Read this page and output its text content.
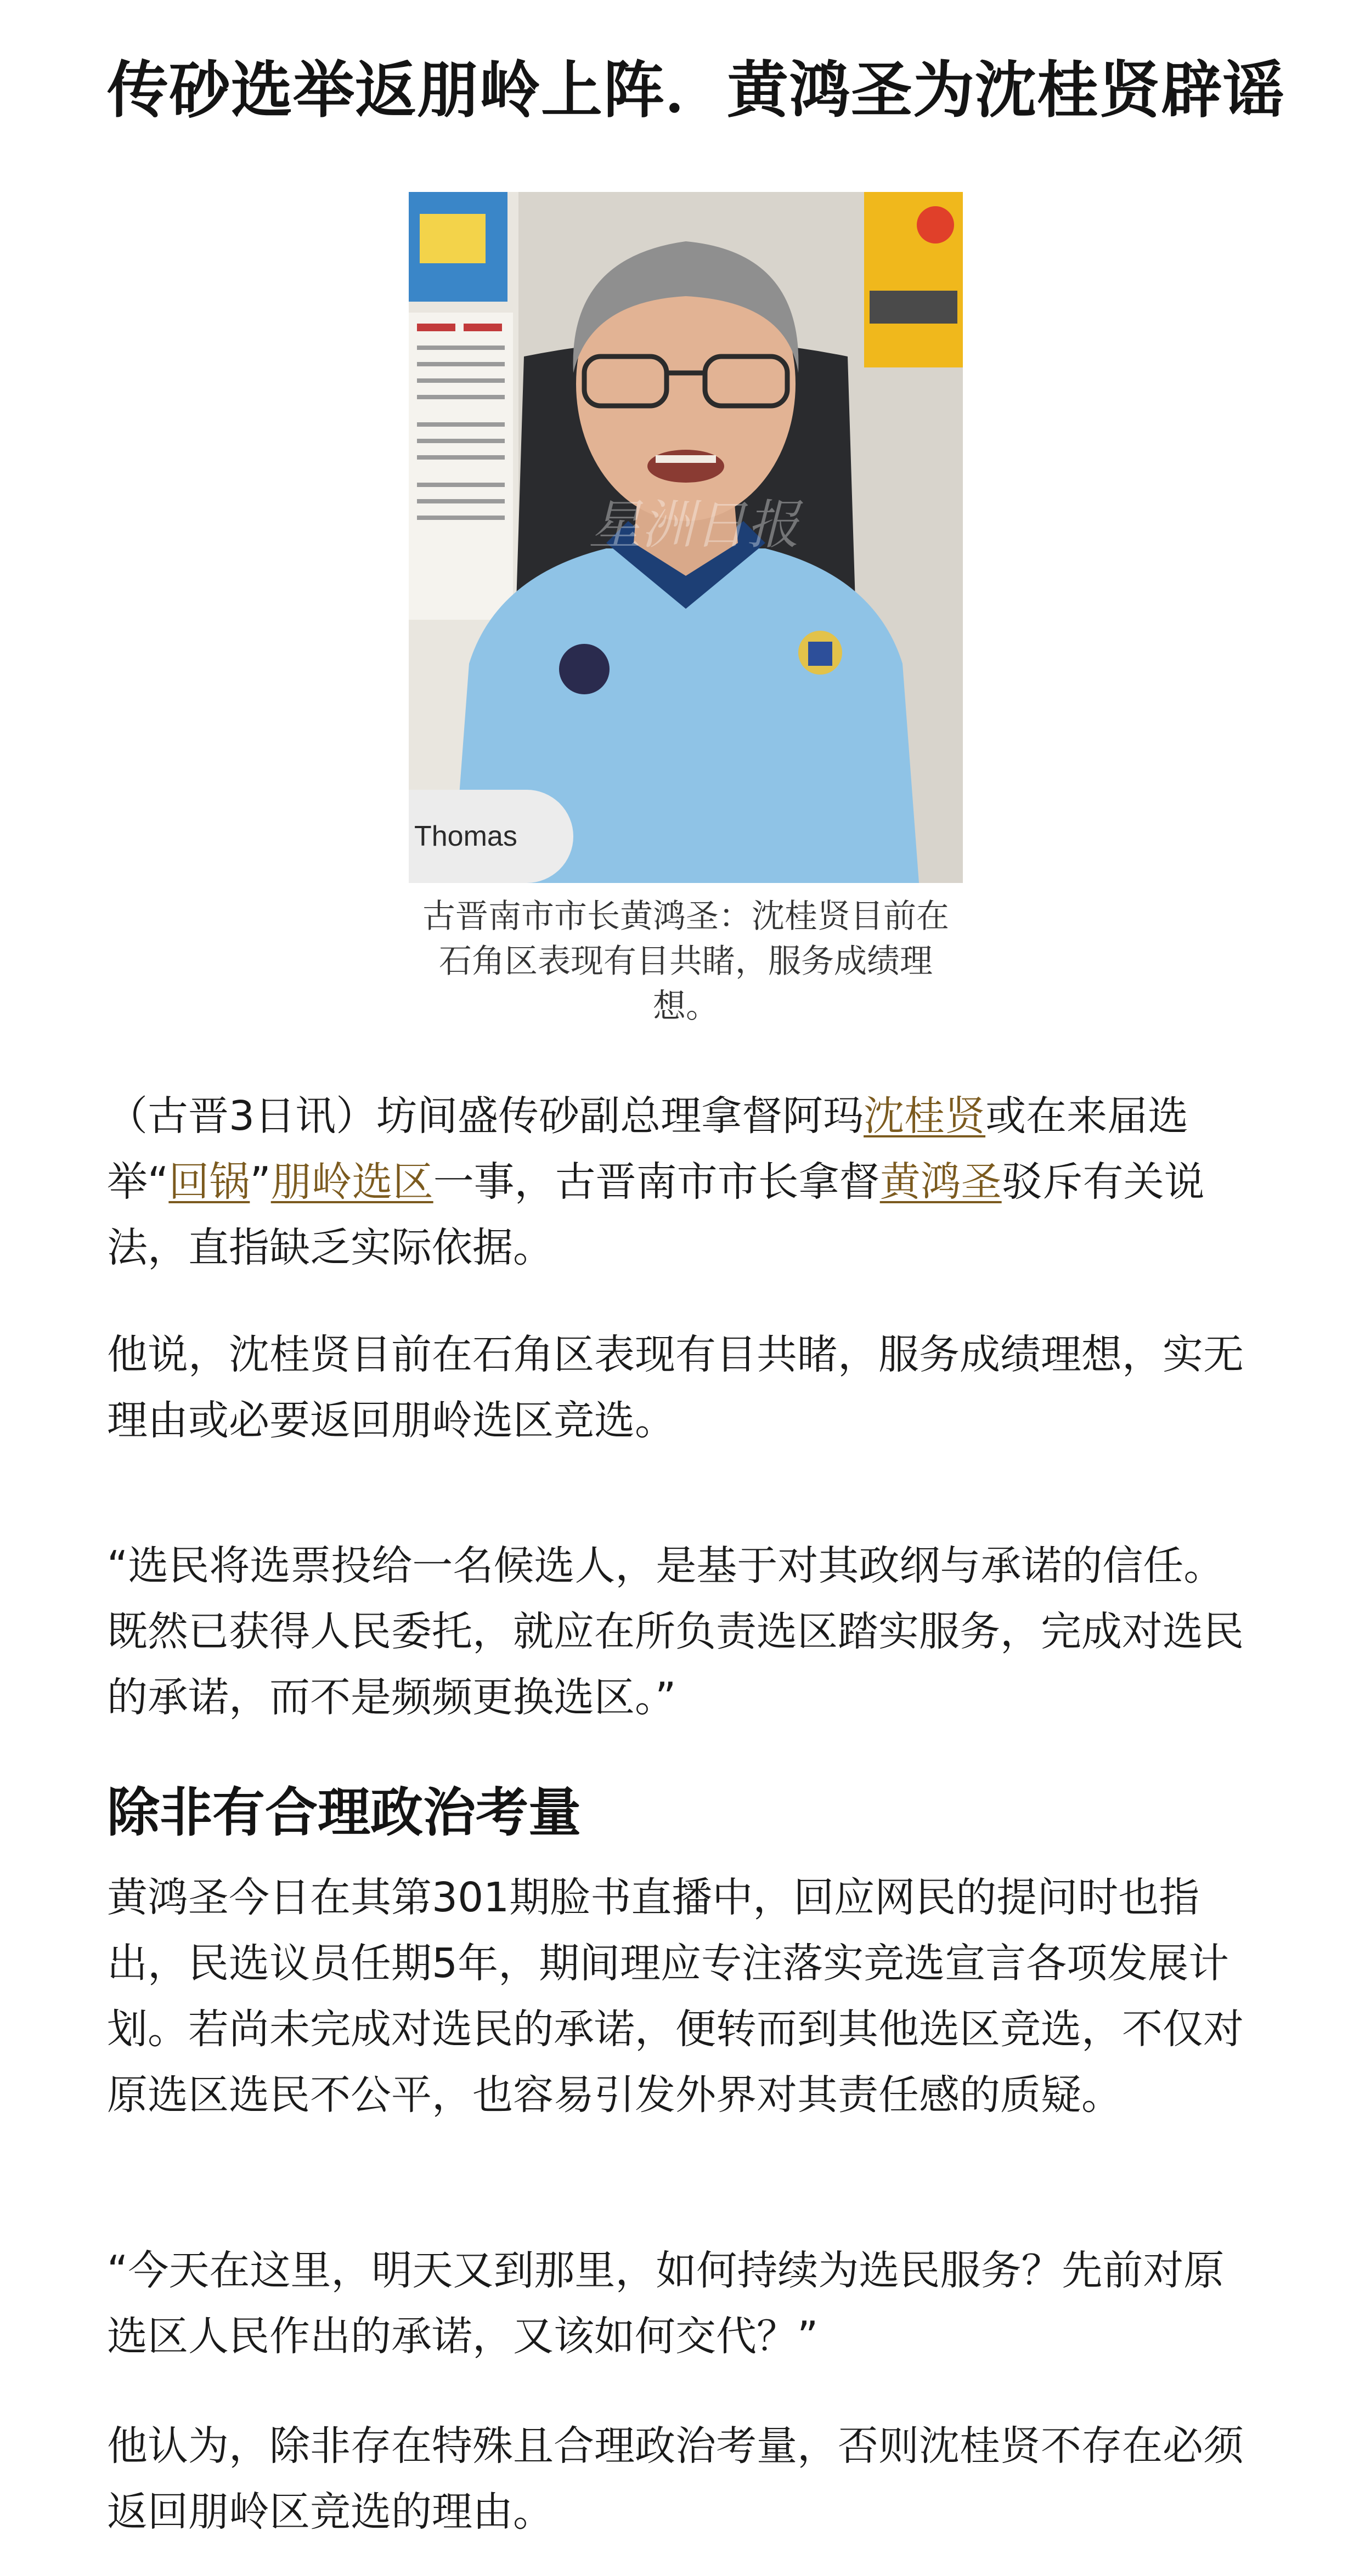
传砂选举返朋岭上阵．黄鸿圣为沈桂贤辟谣
星洲日报
Thomas
古晋南市市长黄鸿圣：沈桂贤目前在石角区表现有目共睹，服务成绩理想。

（古晋3日讯）坊间盛传砂副总理拿督阿玛沈桂贤或在来届选举“回锅”朋岭选区一事，古晋南市市长拿督黄鸿圣驳斥有关说法，直指缺乏实际依据。

他说，沈桂贤目前在石角区表现有目共睹，服务成绩理想，实无理由或必要返回朋岭选区竞选。

“选民将选票投给一名候选人，是基于对其政纲与承诺的信任。既然已获得人民委托，就应在所负责选区踏实服务，完成对选民的承诺，而不是频频更换选区。”

除非有合理政治考量

黄鸿圣今日在其第301期脸书直播中，回应网民的提问时也指出，民选议员任期5年，期间理应专注落实竞选宣言各项发展计划。若尚未完成对选民的承诺，便转而到其他选区竞选，不仅对原选区选民不公平，也容易引发外界对其责任感的质疑。

“今天在这里，明天又到那里，如何持续为选民服务？先前对原选区人民作出的承诺，又该如何交代？”

他认为，除非存在特殊且合理政治考量，否则沈桂贤不存在必须返回朋岭区竞选的理由。
